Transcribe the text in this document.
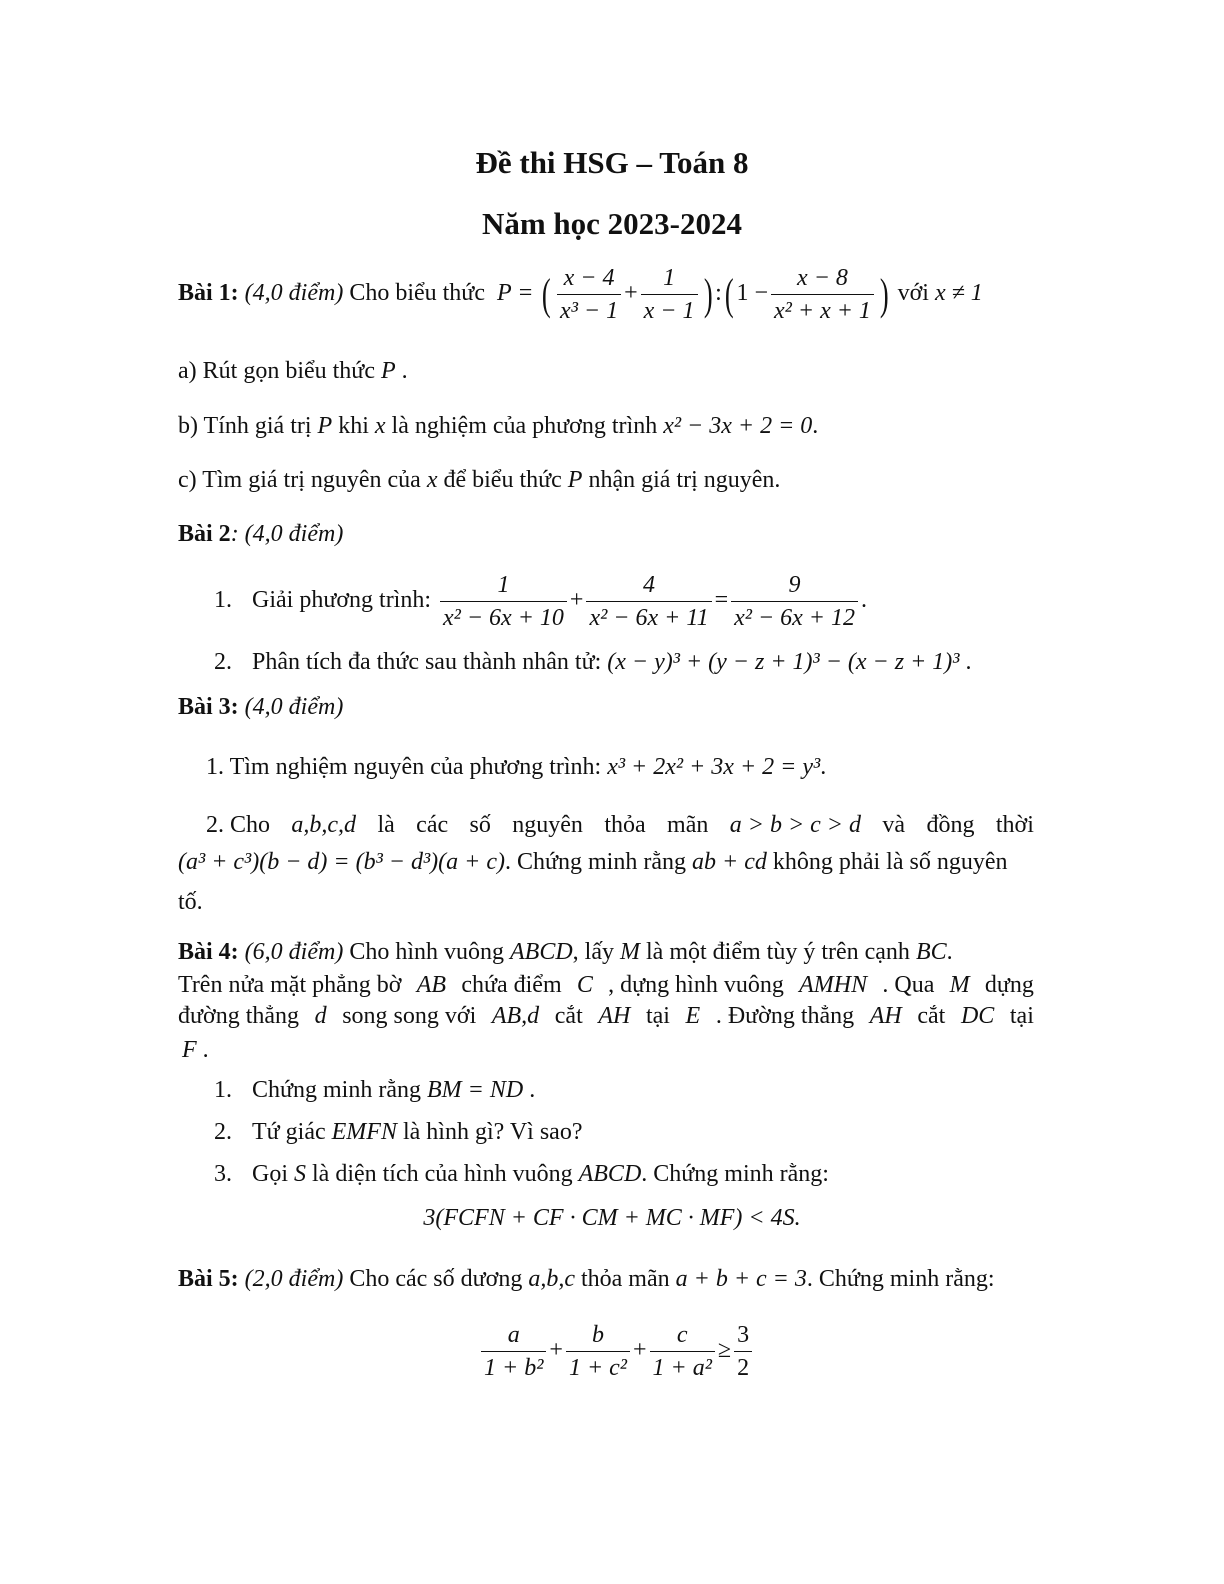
Đề thi HSG – Toán 8
Năm học 2023-2024
Bài 1: (4,0 điểm) Cho biểu thức P = ( $\frac{x - 4}{\text{x³ − 1}} + \frac{1}{x - 1}$ ) :( $1 - \frac{x - 8}{\text{x² + x + 1}}$ ) với x ≠ 1
a) Rút gọn biểu thức P .
b) Tính giá trị P khi x là nghiệm của phương trình x² − 3x + 2 = 0.
c) Tìm giá trị nguyên của x để biểu thức P nhận giá trị nguyên.
Bài 2: (4,0 điểm)
1. Giải phương trình: $\frac{1}{\text{x² − 6x + 10}} + \frac{4}{\text{x² − 6x + 11}} = \frac{9}{\text{x² − 6x + 12}}$ .
2. Phân tích đa thức sau thành nhân tử: (x − y)³ + (y − z + 1)³ − (x − z + 1)³ .
Bài 3: (4,0 điểm)
1. Tìm nghiệm nguyên của phương trình: x³ + 2x² + 3x + 2 = y³.
2. Cho a,b,c,d là các số nguyên thỏa mãn a > b > c > d và đồng thời
(a³ + c³)(b − d) = (b³ − d³)(a + c). Chứng minh rằng ab + cd không phải là số nguyên
tố.
Bài 4: (6,0 điểm) Cho hình vuông ABCD, lấy M là một điểm tùy ý trên cạnh BC.
Trên nửa mặt phẳng bờ AB chứa điểm C , dựng hình vuông AMHN . Qua M dựng
đường thẳng d song song với AB,d cắt AH tại E . Đường thẳng AH cắt DC tại
F .
1. Chứng minh rằng BM = ND .
2. Tứ giác EMFN là hình gì? Vì sao?
3. Gọi S là diện tích của hình vuông ABCD. Chứng minh rằng:
3(FCFN + CF · CM + MC · MF) < 4S.
Bài 5: (2,0 điểm) Cho các số dương a,b,c thỏa mãn a + b + c = 3. Chứng minh rằng:
$\frac{a}{\text{1 + b²}} + \frac{b}{\text{1 + c²}} + \frac{c}{\text{1 + a²}} \ge \frac{3}{2}$
